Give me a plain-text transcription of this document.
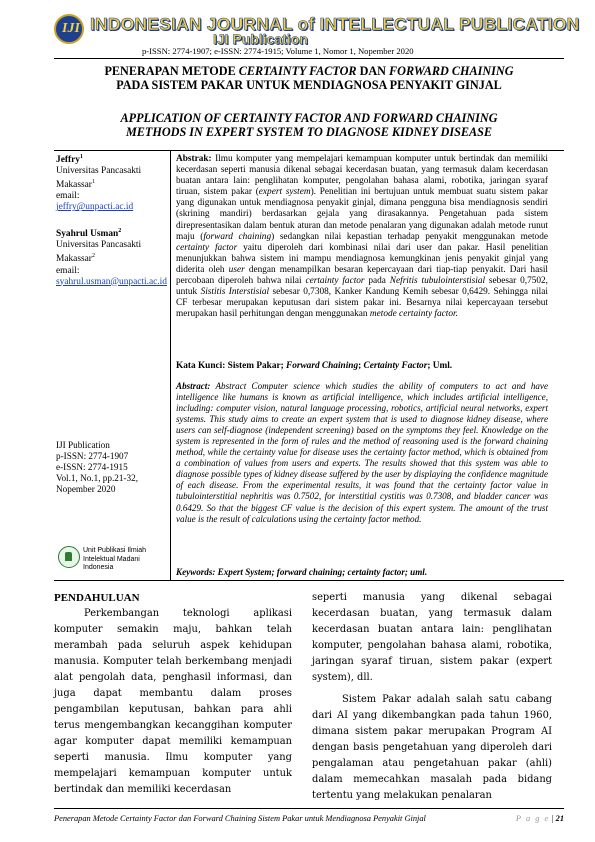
IJI INDONESIAN JOURNAL of INTELLECTUAL PUBLICATION
IJI Publication
p-ISSN: 2774-1907; e-ISSN: 2774-1915; Volume 1, Nomor 1, Nopember 2020
PENERAPAN METODE CERTAINTY FACTOR DAN FORWARD CHAINING
PADA SISTEM PAKAR UNTUK MENDIAGNOSA PENYAKIT GINJAL
APPLICATION OF CERTAINTY FACTOR AND FORWARD CHAINING
METHODS IN EXPERT SYSTEM TO DIAGNOSE KIDNEY DISEASE
Jeffry$^1$
Universitas Pancasakti Makassar$^1$
email:
jeffry@unpacti.ac.id
Syahrul Usman$^2$
Universitas Pancasakti Makassar$^2$
email:
syahrul.usman@unpacti.ac.id
IJI Publication
p-ISSN: 2774-1907
e-ISSN: 2774-1915
Vol.1, No.1, pp.21-32,
Nopember 2020
Unit Publikasi Ilmiah Intelektual Madani Indonesia
Abstrak: Ilmu komputer yang mempelajari kemampuan komputer untuk bertindak dan memiliki kecerdasan seperti manusia dikenal sebagai kecerdasan buatan, yang termasuk dalam kecerdasan buatan antara lain: penglihatan komputer, pengolahan bahasa alami, robotika, jaringan syaraf tiruan, sistem pakar (expert system). Penelitian ini bertujuan untuk membuat suatu sistem pakar yang digunakan untuk mendiagnosa penyakit ginjal, dimana pengguna bisa mendiagnosis sendiri (skrining mandiri) berdasarkan gejala yang dirasakannya. Pengetahuan pada sistem direpresentasikan dalam bentuk aturan dan metode penalaran yang digunakan adalah metode runut maju (forward chaining) sedangkan nilai kepastian terhadap penyakit menggunakan metode certainty factor yaitu diperoleh dari kombinasi nilai dari user dan pakar. Hasil penelitian menunjukkan bahwa sistem ini mampu mendiagnosa kemungkinan jenis penyakit ginjal yang diderita oleh user dengan menampilkan besaran kepercayaan dari tiap-tiap penyakit. Dari hasil percobaan diperoleh bahwa nilai certainty factor pada Nefritis tubulointerstisial sebesar 0,7502, untuk Sistitis Interstisial sebesar 0,7308, Kanker Kandung Kemih sebesar 0,6429. Sehingga nilai CF terbesar merupakan keputusan dari sistem pakar ini. Besarnya nilai kepercayaan tersebut merupakan hasil perhitungan dengan menggunakan metode certainty factor.
Kata Kunci: Sistem Pakar; Forward Chaining; Certainty Factor; Uml.
Abstract: Abstract Computer science which studies the ability of computers to act and have intelligence like humans is known as artificial intelligence, which includes artificial intelligence, including: computer vision, natural language processing, robotics, artificial neural networks, expert systems. This study aims to create an expert system that is used to diagnose kidney disease, where users can self-diagnose (independent screening) based on the symptoms they feel. Knowledge on the system is represented in the form of rules and the method of reasoning used is the forward chaining method, while the certainty value for disease uses the certainty factor method, which is obtained from a combination of values from users and experts. The results showed that this system was able to diagnose possible types of kidney disease suffered by the user by displaying the confidence magnitude of each disease. From the experimental results, it was found that the certainty factor value in tubulointerstitial nephritis was 0.7502, for interstitial cystitis was 0.7308, and bladder cancer was 0.6429. So that the biggest CF value is the decision of this expert system. The amount of the trust value is the result of calculations using the certainty factor method.
Keywords: Expert System; forward chaining; certainty factor; uml.
PENDAHULUAN
Perkembangan teknologi aplikasi komputer semakin maju, bahkan telah merambah pada seluruh aspek kehidupan manusia. Komputer telah berkembang menjadi alat pengolah data, penghasil informasi, dan juga dapat membantu dalam proses pengambilan keputusan, bahkan para ahli terus mengembangkan kecanggihan komputer agar komputer dapat memiliki kemampuan seperti manusia. Ilmu komputer yang mempelajari kemampuan komputer untuk bertindak dan memiliki kecerdasan
seperti manusia yang dikenal sebagai kecerdasan buatan, yang termasuk dalam kecerdasan buatan antara lain: penglihatan komputer, pengolahan bahasa alami, robotika, jaringan syaraf tiruan, sistem pakar (expert system), dll.
Sistem Pakar adalah salah satu cabang dari AI yang dikembangkan pada tahun 1960, dimana sistem pakar merupakan Program AI dengan basis pengetahuan yang diperoleh dari pengalaman atau pengetahuan pakar (ahli) dalam memecahkan masalah pada bidang tertentu yang melakukan penalaran
Penerapan Metode Certainty Factor dan Forward Chaining Sistem Pakar untuk Mendiagnosa Penyakit Ginjal	P a g e | 21
